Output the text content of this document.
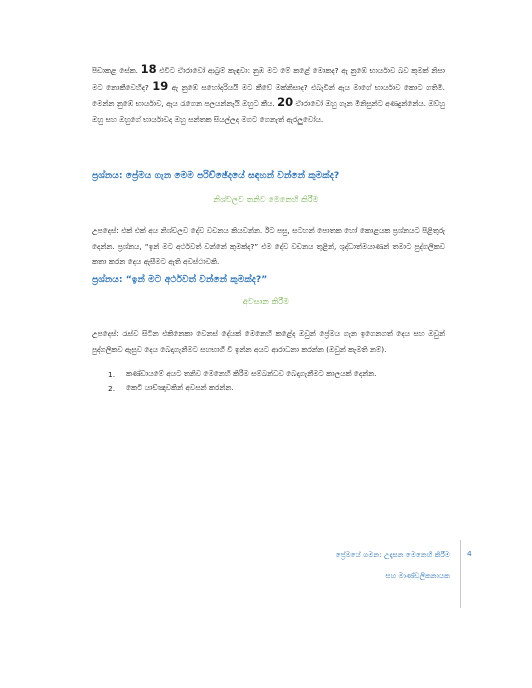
පිඩාකළ සේක. 18 එවිට ඒාරාවෝ ආබ්‍රම් කැඳවා: නුඹ මට මේ කළේ මොකද? ඇ නුඹේ භාර්යාව බව කුමක් නිසා මට නොකීවෙහිද? 19 ඇ නුඹේ සහෝදරියයි මට කීවේ මක්නිසාද? එබැවින් ඇය මාගේ භාර්යාව කොට ගතිමි. මෙන්න නුඹේ භාර්යාව, ඇය රැගෙන පලයන්නැයි ඔහුට කීය. 20 ඒාරාවෝ ඔහු ගැන මිනිසුන්ට අණදුන්නේය. ඔව්හු ඔහු සහ ඔහුගේ භාර්යාවද ඔහු සන්තක සියල්ලද මගට ගෙනැත් ඇරලුවෝය.
ප්‍රශ්නය: ප්‍රේමය ගැන මෙම පරිච්ඡේදයේ සඳහන් වන්නේ කුමක්ද?
නිශ්චලව තනිව මෙනෙහි කිරීම
උපදෙස්: එක් එක් අය නිශ්චලව දේව වචනය කියවන්න. ඊට පසු, සටහන් පොතක හෝ කොළයක ප්‍රශ්නයට පිළිතුරු දෙන්න. ප්‍රශ්නය, “ඉන් මට අර්ථවත් වන්නේ කුමක්ද?” එම දේව වචනය තුළින්, ශුද්ධාත්මයාණන් තමාට පුද්ගලිකව කතා කරන දෙය ඇසීමට ඇති අවස්ථාවකි.
ප්‍රශ්නය: “ඉන් මට අර්ථවත් වන්නේ කුමක්ද?”
අවසාන කිරීම
උපදෙස්: රැස්ව සිටින එකිනෙකා වෙනස් දේයක් මෙනෙහි කළේද ඔවුන් ප්‍රේමය ගැන ඉගෙනගත් දෙය සහ ඔවුන් පුද්ගලිකව ඇසුව දෙය බෙදාගැනීමට සහභාගී වී ඉන්න අයට ආරාධනා කරන්න (ඔවුන් කැමති නම්).
1.	කණ්ඩායමේ අයට තනිව මෙනෙහි කිරීම සම්බන්ධව බෙදාගැනීමට කාලයක් දෙන්න.
2.	කෙටි යාච්ඤාවකින් අවසන් කරන්න.
ප්‍රේමයේ ගමන: උදෑසන මෙනෙහි කිරීම
සහ මාණ්ඩලිකනායක
4
